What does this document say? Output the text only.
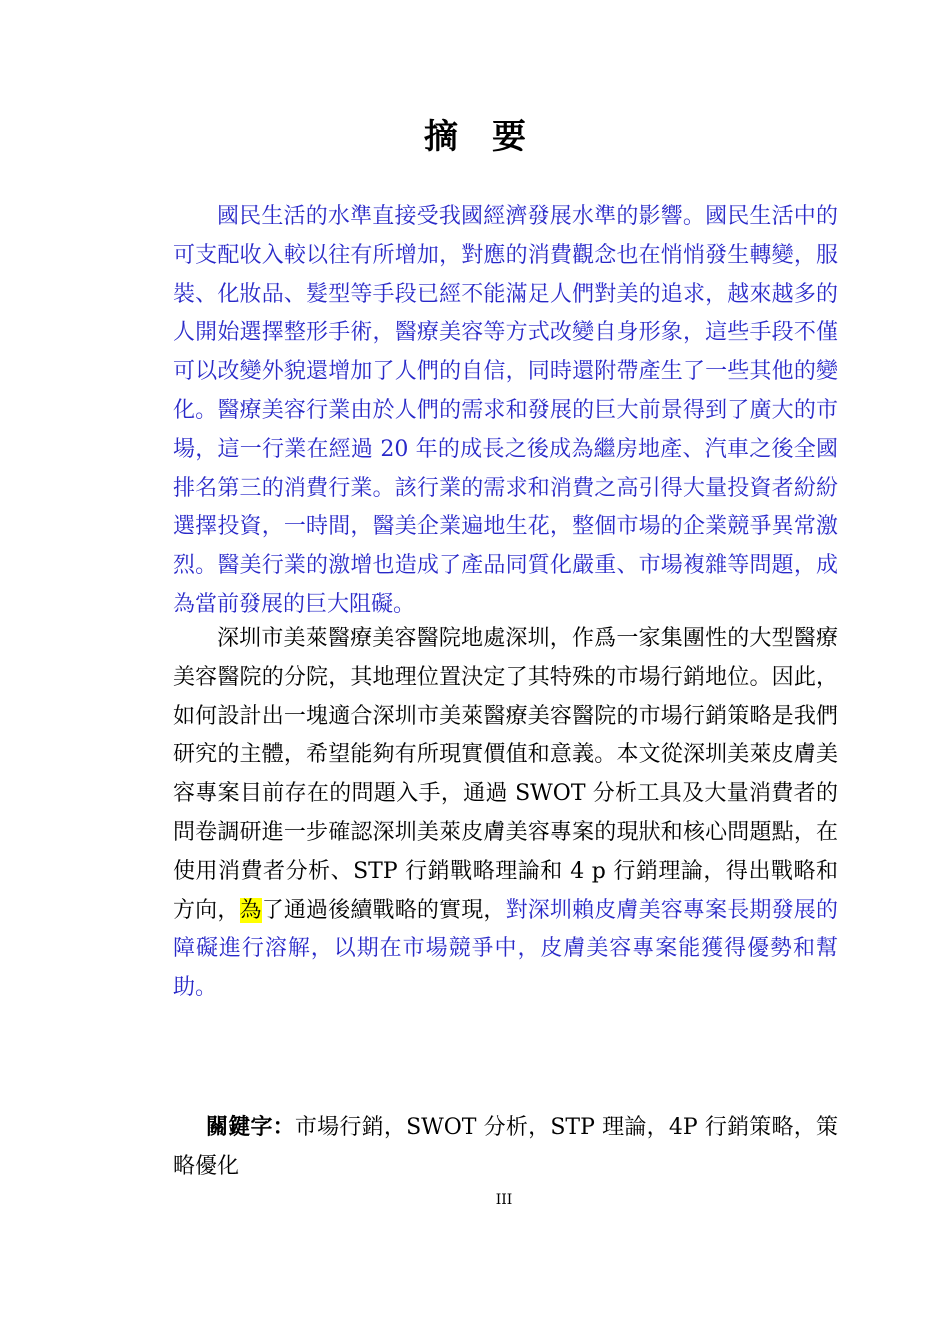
摘要

國民生活的水準直接受我國經濟發展水準的影響。國民生活中的可支配收入較以往有所增加，對應的消費觀念也在悄悄發生轉變，服裝、化妝品、髮型等手段已經不能滿足人們對美的追求，越來越多的人開始選擇整形手術，醫療美容等方式改變自身形象，這些手段不僅可以改變外貌還增加了人們的自信，同時還附帶產生了一些其他的變化。醫療美容行業由於人們的需求和發展的巨大前景得到了廣大的市場，這一行業在經過 20 年的成長之後成為繼房地產、汽車之後全國排名第三的消費行業。該行業的需求和消費之高引得大量投資者紛紛選擇投資，一時間，醫美企業遍地生花，整個市場的企業競爭異常激烈。醫美行業的激增也造成了產品同質化嚴重、市場複雜等問題，成為當前發展的巨大阻礙。

深圳市美萊醫療美容醫院地處深圳，作爲一家集團性的大型醫療美容醫院的分院，其地理位置決定了其特殊的市場行銷地位。因此，如何設計出一塊適合深圳市美萊醫療美容醫院的市場行銷策略是我們研究的主體，希望能夠有所現實價值和意義。本文從深圳美萊皮膚美容專案目前存在的問題入手，通過 SWOT 分析工具及大量消費者的問卷調研進一步確認深圳美萊皮膚美容專案的現狀和核心問題點，在使用消費者分析、STP 行銷戰略理論和 4 p 行銷理論，得出戰略和方向，為了通過後續戰略的實現，對深圳賴皮膚美容專案長期發展的障礙進行溶解，以期在市場競爭中，皮膚美容專案能獲得優勢和幫助。

關鍵字：市場行銷，SWOT 分析，STP 理論，4P 行銷策略，策略優化

III
